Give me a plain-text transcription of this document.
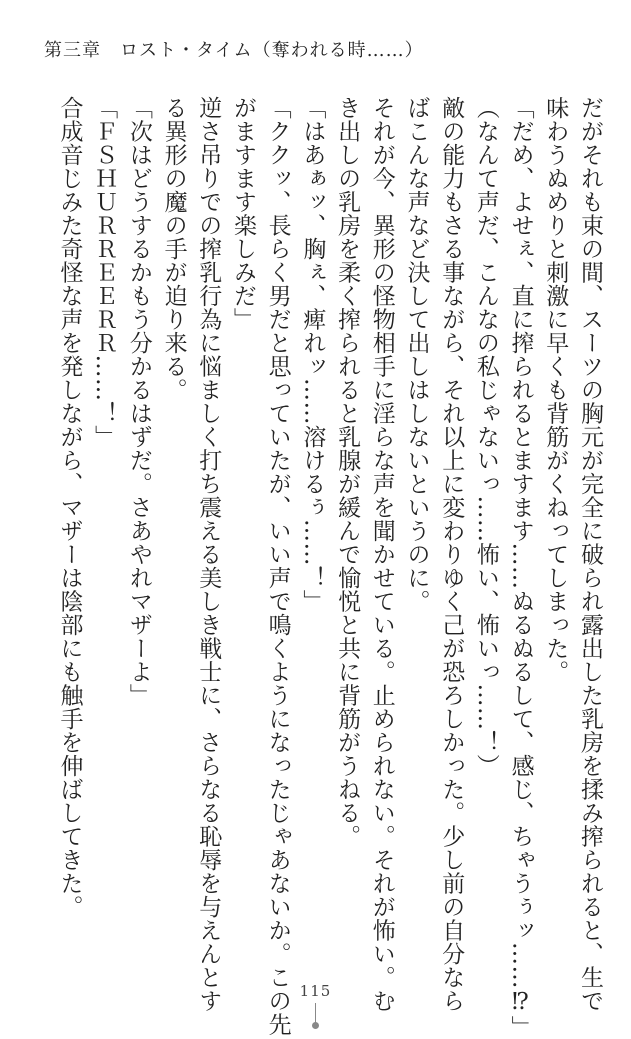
第三章　ロスト・タイム（奪われる時……）

だがそれも束の間、スーツの胸元が完全に破られ露出した乳房を揉み搾られると、生で

味わうぬめりと刺激に早くも背筋がくねってしまった。

「だめ、よせぇ、直に搾られるとますます……ぬるぬるして、感じ、ちゃうぅッ……⁉」

（なんて声だ、こんなの私じゃないっ……怖い、怖いっ……！）

敵の能力もさる事ながら、それ以上に変わりゆく己が恐ろしかった。少し前の自分なら

ばこんな声など決して出しはしないというのに。

それが今、異形の怪物相手に淫らな声を聞かせている。止められない。それが怖い。む

き出しの乳房を柔く搾られると乳腺が緩んで愉悦と共に背筋がうねる。

「はあぁッ、胸ぇ、痺れッ……溶けるぅ……！」

「ククッ、長らく男だと思っていたが、いい声で鳴くようになったじゃあないか。この先

がますます楽しみだ」

逆さ吊りでの搾乳行為に悩ましく打ち震える美しき戦士に、さらなる恥辱を与えんとす

る異形の魔の手が迫り来る。

「次はどうするかもう分かるはずだ。さあやれマザーよ」

「ＦＳＨＵＲＲＥＥＲＲ……！」

合成音じみた奇怪な声を発しながら、マザーは陰部にも触手を伸ばしてきた。

115
